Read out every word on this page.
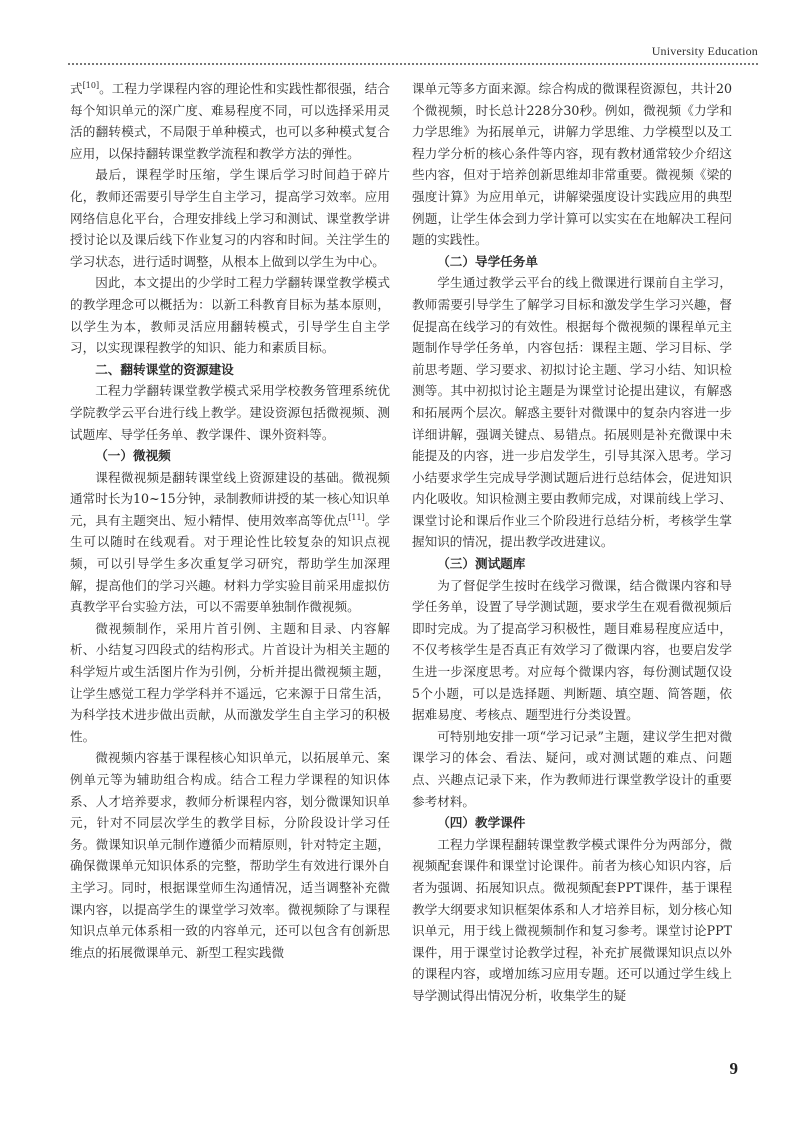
University Education

式[10]。工程力学课程内容的理论性和实践性都很强，结合每个知识单元的深广度、难易程度不同，可以选择采用灵活的翻转模式，不局限于单种模式，也可以多种模式复合应用，以保持翻转课堂教学流程和教学方法的弹性。

最后，课程学时压缩，学生课后学习时间趋于碎片化，教师还需要引导学生自主学习，提高学习效率。应用网络信息化平台，合理安排线上学习和测试、课堂教学讲授讨论以及课后线下作业复习的内容和时间。关注学生的学习状态，进行适时调整，从根本上做到以学生为中心。

因此，本文提出的少学时工程力学翻转课堂教学模式的教学理念可以概括为：以新工科教育目标为基本原则，以学生为本，教师灵活应用翻转模式，引导学生自主学习，以实现课程教学的知识、能力和素质目标。

二、翻转课堂的资源建设

工程力学翻转课堂教学模式采用学校教务管理系统优学院教学云平台进行线上教学。建设资源包括微视频、测试题库、导学任务单、教学课件、课外资料等。

（一）微视频

课程微视频是翻转课堂线上资源建设的基础。微视频通常时长为10~15分钟，录制教师讲授的某一核心知识单元，具有主题突出、短小精悍、使用效率高等优点[11]。学生可以随时在线观看。对于理论性比较复杂的知识点视频，可以引导学生多次重复学习研究，帮助学生加深理解，提高他们的学习兴趣。材料力学实验目前采用虚拟仿真教学平台实验方法，可以不需要单独制作微视频。

微视频制作，采用片首引例、主题和目录、内容解析、小结复习四段式的结构形式。片首设计为相关主题的科学短片或生活图片作为引例，分析并提出微视频主题，让学生感觉工程力学学科并不遥远，它来源于日常生活，为科学技术进步做出贡献，从而激发学生自主学习的积极性。

微视频内容基于课程核心知识单元，以拓展单元、案例单元等为辅助组合构成。结合工程力学课程的知识体系、人才培养要求，教师分析课程内容，划分微课知识单元，针对不同层次学生的教学目标，分阶段设计学习任务。微课知识单元制作遵循少而精原则，针对特定主题，确保微课单元知识体系的完整，帮助学生有效进行课外自主学习。同时，根据课堂师生沟通情况，适当调整补充微课内容，以提高学生的课堂学习效率。微视频除了与课程知识点单元体系相一致的内容单元，还可以包含有创新思维点的拓展微课单元、新型工程实践微

课单元等多方面来源。综合构成的微课程资源包，共计20个微视频，时长总计228分30秒。例如，微视频《力学和力学思维》为拓展单元，讲解力学思维、力学模型以及工程力学分析的核心条件等内容，现有教材通常较少介绍这些内容，但对于培养创新思维却非常重要。微视频《梁的强度计算》为应用单元，讲解梁强度设计实践应用的典型例题，让学生体会到力学计算可以实实在在地解决工程问题的实践性。

（二）导学任务单

学生通过教学云平台的线上微课进行课前自主学习，教师需要引导学生了解学习目标和激发学生学习兴趣，督促提高在线学习的有效性。根据每个微视频的课程单元主题制作导学任务单，内容包括：课程主题、学习目标、学前思考题、学习要求、初拟讨论主题、学习小结、知识检测等。其中初拟讨论主题是为课堂讨论提出建议，有解惑和拓展两个层次。解惑主要针对微课中的复杂内容进一步详细讲解，强调关键点、易错点。拓展则是补充微课中未能提及的内容，进一步启发学生，引导其深入思考。学习小结要求学生完成导学测试题后进行总结体会，促进知识内化吸收。知识检测主要由教师完成，对课前线上学习、课堂讨论和课后作业三个阶段进行总结分析，考核学生掌握知识的情况，提出教学改进建议。

（三）测试题库

为了督促学生按时在线学习微课，结合微课内容和导学任务单，设置了导学测试题，要求学生在观看微视频后即时完成。为了提高学习积极性，题目难易程度应适中，不仅考核学生是否真正有效学习了微课内容，也要启发学生进一步深度思考。对应每个微课内容，每份测试题仅设5个小题，可以是选择题、判断题、填空题、简答题，依据难易度、考核点、题型进行分类设置。

可特别地安排一项“学习记录”主题，建议学生把对微课学习的体会、看法、疑问，或对测试题的难点、问题点、兴趣点记录下来，作为教师进行课堂教学设计的重要参考材料。

（四）教学课件

工程力学课程翻转课堂教学模式课件分为两部分，微视频配套课件和课堂讨论课件。前者为核心知识内容，后者为强调、拓展知识点。微视频配套PPT课件，基于课程教学大纲要求知识框架体系和人才培养目标，划分核心知识单元，用于线上微视频制作和复习参考。课堂讨论PPT课件，用于课堂讨论教学过程，补充扩展微课知识点以外的课程内容，或增加练习应用专题。还可以通过学生线上导学测试得出情况分析，收集学生的疑

9
